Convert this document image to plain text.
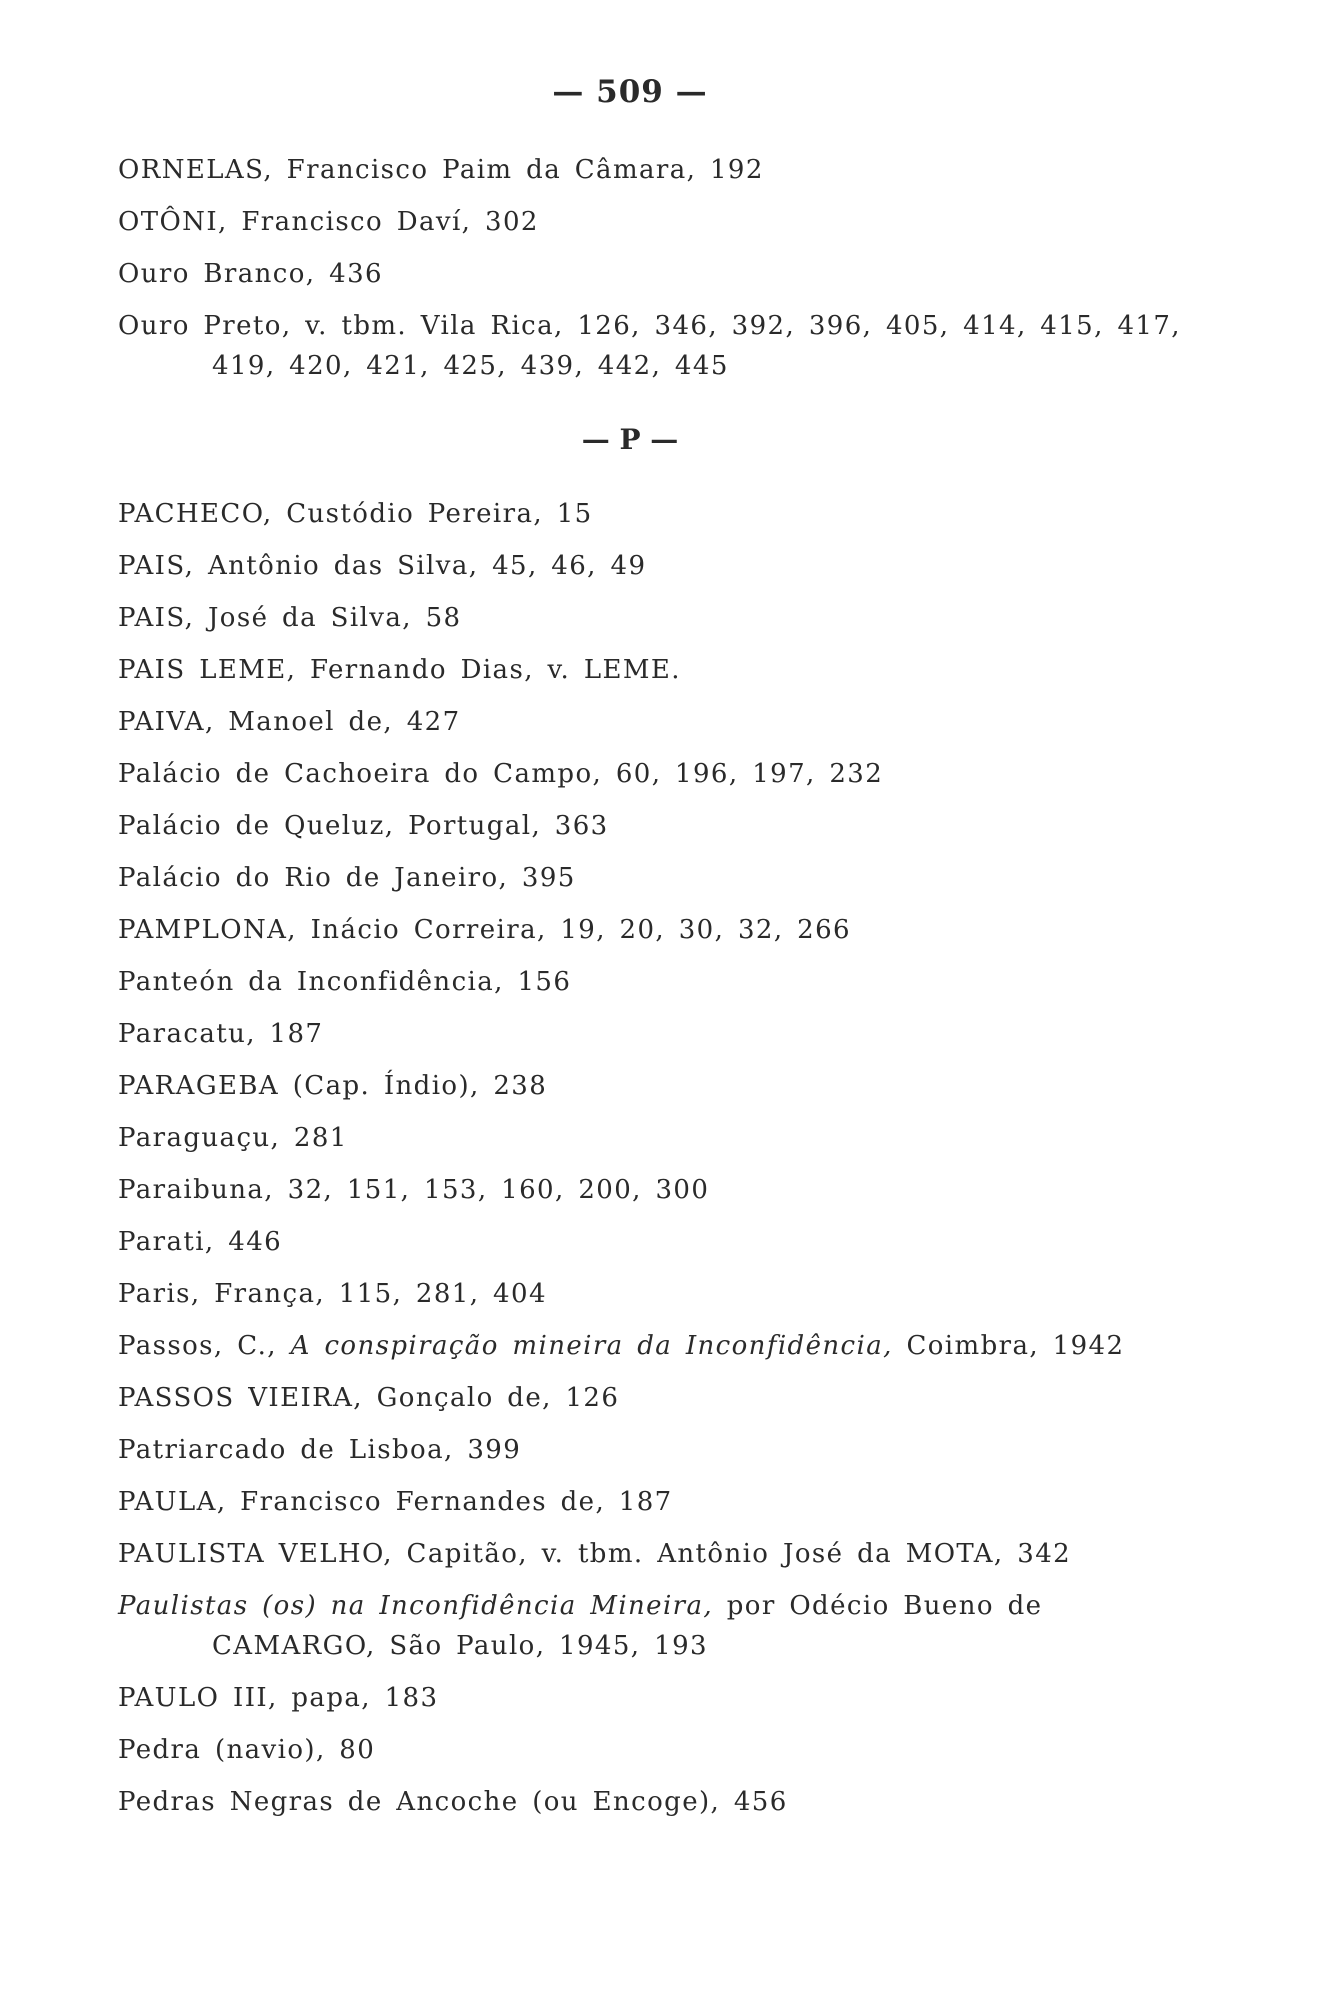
— 509 —
ORNELAS, Francisco Paim da Câmara, 192
OTÔNI, Francisco Daví, 302
Ouro Branco, 436
Ouro Preto, v. tbm. Vila Rica, 126, 346, 392, 396, 405, 414, 415, 417, 419, 420, 421, 425, 439, 442, 445
— P —
PACHECO, Custódio Pereira, 15
PAIS, Antônio das Silva, 45, 46, 49
PAIS, José da Silva, 58
PAIS LEME, Fernando Dias, v. LEME.
PAIVA, Manoel de, 427
Palácio de Cachoeira do Campo, 60, 196, 197, 232
Palácio de Queluz, Portugal, 363
Palácio do Rio de Janeiro, 395
PAMPLONA, Inácio Correira, 19, 20, 30, 32, 266
Panteón da Inconfidência, 156
Paracatu, 187
PARAGEBA (Cap. Índio), 238
Paraguaçu, 281
Paraibuna, 32, 151, 153, 160, 200, 300
Parati, 446
Paris, França, 115, 281, 404
Passos, C., A conspiração mineira da Inconfidência, Coimbra, 1942
PASSOS VIEIRA, Gonçalo de, 126
Patriarcado de Lisboa, 399
PAULA, Francisco Fernandes de, 187
PAULISTA VELHO, Capitão, v. tbm. Antônio José da MOTA, 342
Paulistas (os) na Inconfidência Mineira, por Odécio Bueno de CAMARGO, São Paulo, 1945, 193
PAULO III, papa, 183
Pedra (navio), 80
Pedras Negras de Ancoche (ou Encoge), 456
